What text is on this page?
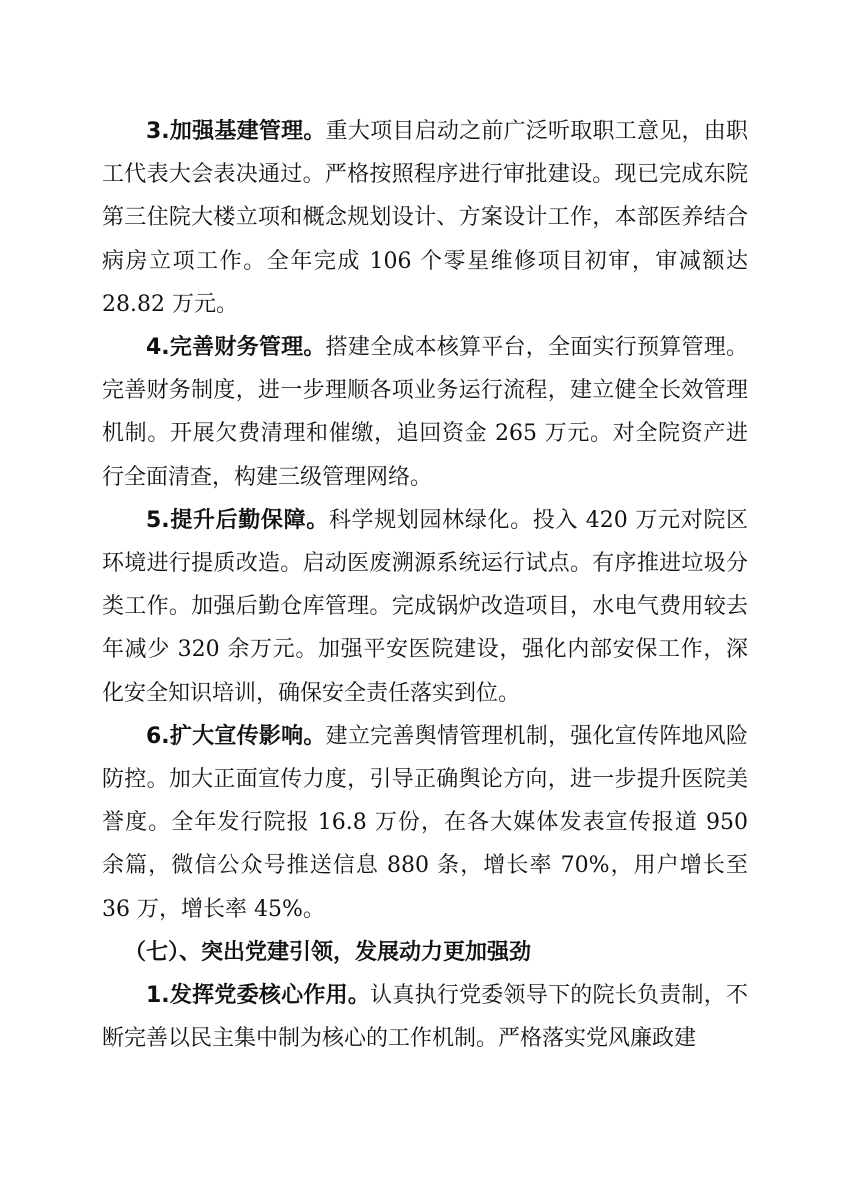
3.加强基建管理。重大项目启动之前广泛听取职工意见，由职工代表大会表决通过。严格按照程序进行审批建设。现已完成东院第三住院大楼立项和概念规划设计、方案设计工作，本部医养结合病房立项工作。全年完成 106 个零星维修项目初审，审减额达 28.82 万元。

4.完善财务管理。搭建全成本核算平台，全面实行预算管理。完善财务制度，进一步理顺各项业务运行流程，建立健全长效管理机制。开展欠费清理和催缴，追回资金 265 万元。对全院资产进行全面清查，构建三级管理网络。

5.提升后勤保障。科学规划园林绿化。投入 420 万元对院区环境进行提质改造。启动医废溯源系统运行试点。有序推进垃圾分类工作。加强后勤仓库管理。完成锅炉改造项目，水电气费用较去年减少 320 余万元。加强平安医院建设，强化内部安保工作，深化安全知识培训，确保安全责任落实到位。

6.扩大宣传影响。建立完善舆情管理机制，强化宣传阵地风险防控。加大正面宣传力度，引导正确舆论方向，进一步提升医院美誉度。全年发行院报 16.8 万份，在各大媒体发表宣传报道 950 余篇，微信公众号推送信息 880 条，增长率 70%，用户增长至 36 万，增长率 45%。

（七）、突出党建引领，发展动力更加强劲

1.发挥党委核心作用。认真执行党委领导下的院长负责制，不断完善以民主集中制为核心的工作机制。严格落实党风廉政建
